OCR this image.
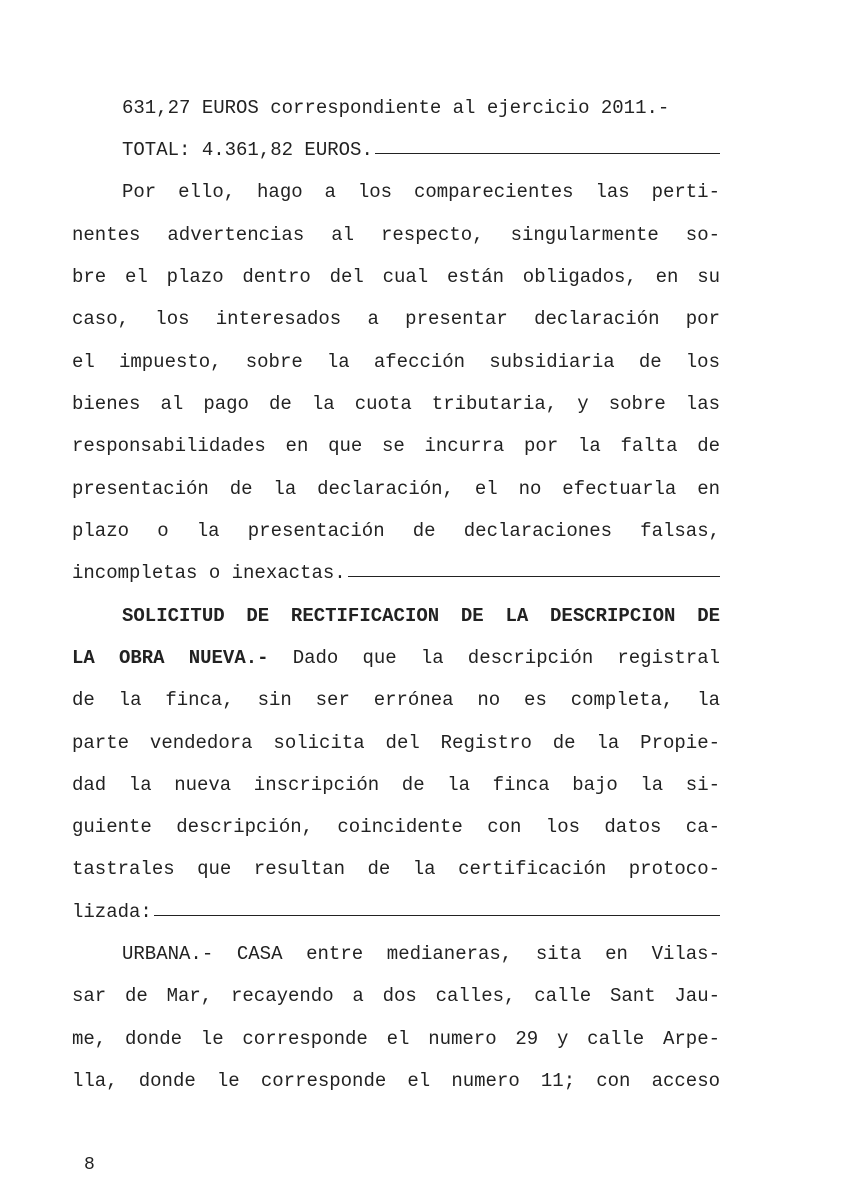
631,27 EUROS correspondiente al ejercicio 2011.-
TOTAL: 4.361,82 EUROS.
Por ello, hago a los comparecientes las perti-
nentes advertencias al respecto, singularmente so-
bre el plazo dentro del cual están obligados, en su
caso, los interesados a presentar declaración por
el impuesto, sobre la afección subsidiaria de los
bienes al pago de la cuota tributaria, y sobre las
responsabilidades en que se incurra por la falta de
presentación de la declaración, el no efectuarla en
plazo o la presentación de declaraciones falsas,
incompletas o inexactas.
SOLICITUD DE RECTIFICACION DE LA DESCRIPCION DE
LA OBRA NUEVA.- Dado que la descripción registral
de la finca, sin ser errónea no es completa, la
parte vendedora solicita del Registro de la Propie-
dad la nueva inscripción de la finca bajo la si-
guiente descripción, coincidente con los datos ca-
tastrales que resultan de la certificación protoco-
lizada:
URBANA.- CASA entre medianeras, sita en Vilas-
sar de Mar, recayendo a dos calles, calle Sant Jau-
me, donde le corresponde el numero 29 y calle Arpe-
lla, donde le corresponde el numero 11; con acceso
8
